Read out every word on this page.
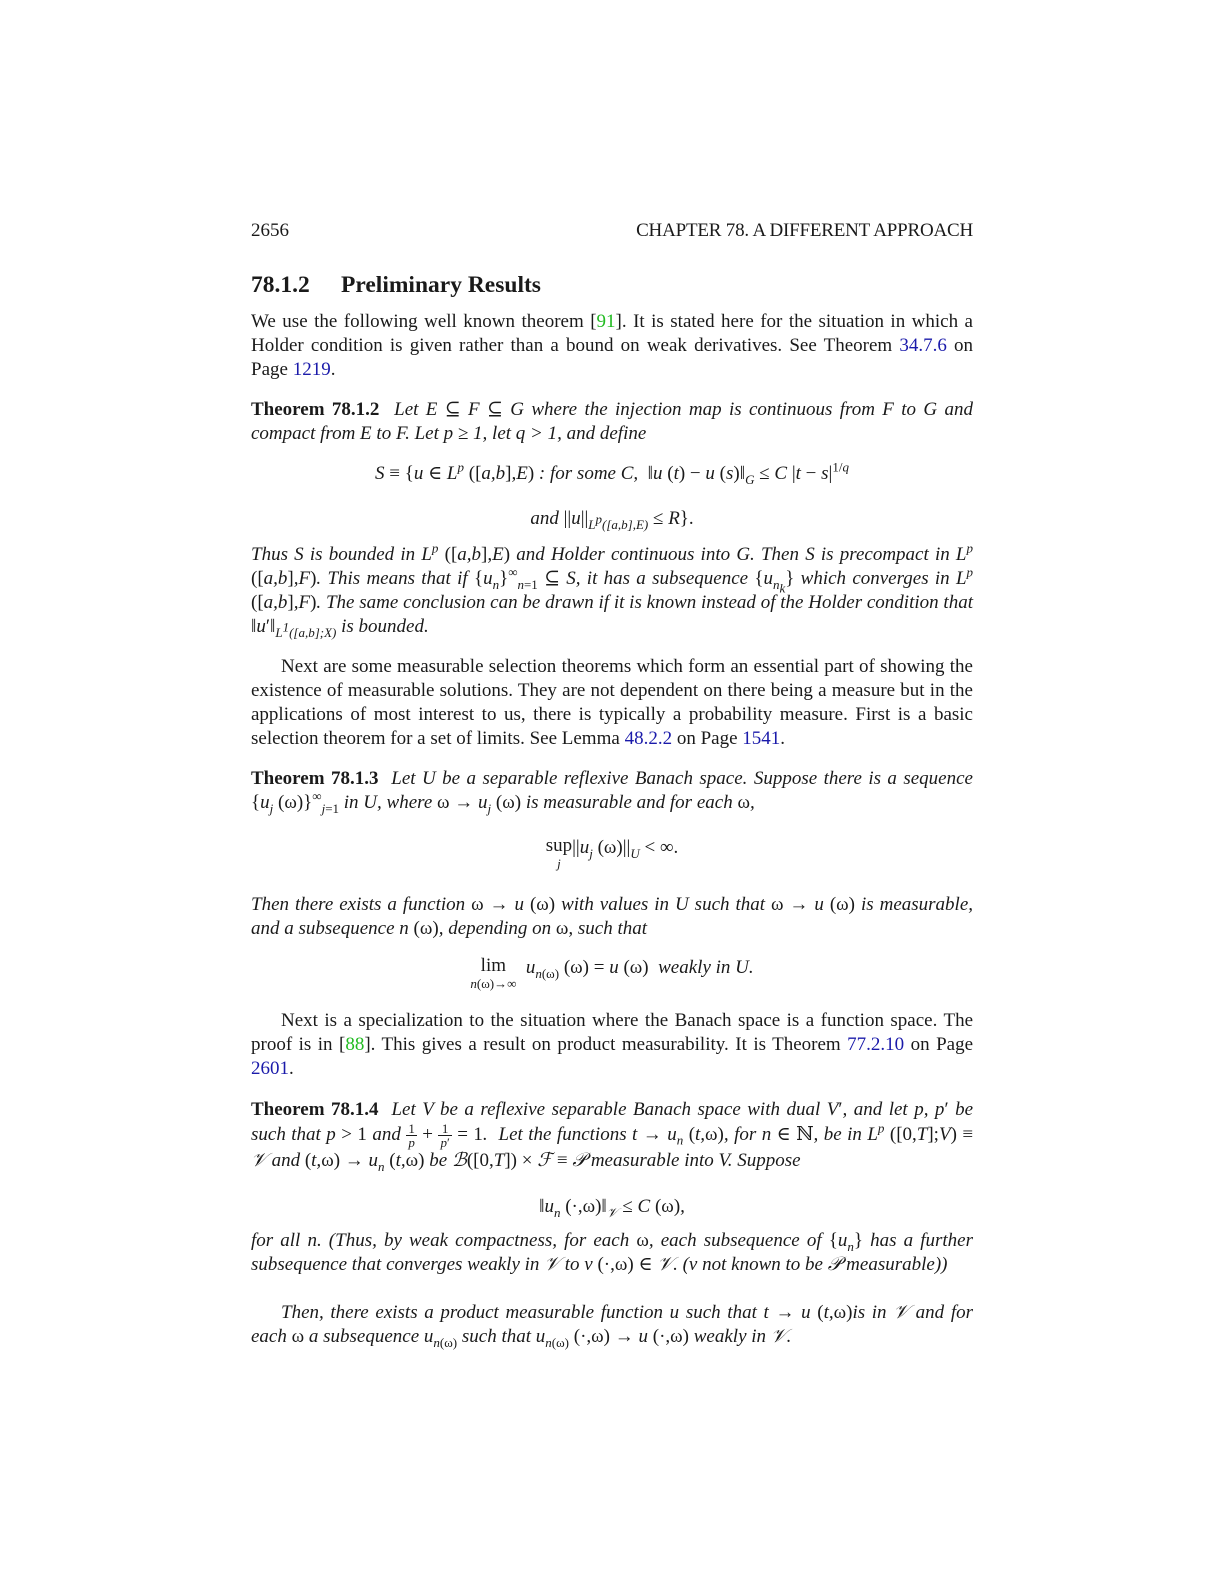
2656	CHAPTER 78. A DIFFERENT APPROACH
78.1.2 Preliminary Results
We use the following well known theorem [91]. It is stated here for the situation in which a Holder condition is given rather than a bound on weak derivatives. See Theorem 34.7.6 on Page 1219.
Theorem 78.1.2 Let E ⊆ F ⊆ G where the injection map is continuous from F to G and compact from E to F. Let p ≥ 1, let q > 1, and define
S ≡ {u ∈ $L^p$ ([a,b],E) : for some C,  ‖u (t) − u $(s)‖_G \le C$ $|t - s|^{1/q}$
and $||u||_{L^p([a,b],E)} \le R$}.
Thus S is bounded in $L^p$ ([a,b],E) and Holder continuous into G. Then S is precompact in $L^p$ ([a,b],F). This means that if $\{u_n\}^\infty_{n=1}$ ⊆ S, it has a subsequence $\{u_{n_k}\}$ which converges in $L^p$ ([a,b],F). The same conclusion can be drawn if it is known instead of the Holder condition that $‖u'‖_{L^1([a,b];X)}$ is bounded.
Next are some measurable selection theorems which form an essential part of showing the existence of measurable solutions. They are not dependent on there being a measure but in the applications of most interest to us, there is typically a probability measure. First is a basic selection theorem for a set of limits. See Lemma 48.2.2 on Page 1541.
Theorem 78.1.3  Let U be a separable reflexive Banach space. Suppose there is a sequence {$u_j$ $(\omega)\}^\infty_{j=1}$ in U, where $\omega \to u_j$ (ω) is measurable and for each ω,
sup
j
$||u_j$ $(\omega)||_U$ < ∞.
Then there exists a function ω → u (ω) with values in U such that ω → u (ω) is measurable, and a subsequence n (ω), depending on ω, such that
lim
n(ω)→∞
$u_{n(\omega)}$ (ω) = u (ω)  weakly in U.
Next is a specialization to the situation where the Banach space is a function space. The proof is in [88]. This gives a result on product measurability. It is Theorem 77.2.10 on Page 2601.
Theorem 78.1.4  Let V be a reflexive separable Banach space with dual V′, and let p, p′ be such that p > 1 and $\frac{1}{p} + \frac{1}{p'} = 1$.  Let the functions $t \to u_n$ (t,ω), for n ∈ ℕ, be in $L^p$ ([0,T];V) ≡ 𝒱 and $(t,\omega) \to u_n$ (t,ω) be ℬ([0,T]) × ℱ ≡ 𝒫 measurable into V. Suppose
$‖u_n$ $(\cdot,\omega)‖_𝒱 \le C$ (ω),
for all n. (Thus, by weak compactness, for each ω, each subsequence of $\{u_n\}$ has a further subsequence that converges weakly in 𝒱 to v (·,ω) ∈ 𝒱. (v not known to be 𝒫 measurable))
Then, there exists a product measurable function u such that t → u (t,ω)is in 𝒱 and for each ω a subsequence $u_{n(\omega)}$ such that $u_{n(\omega)}$ (·,ω) → u (·,ω) weakly in 𝒱.
